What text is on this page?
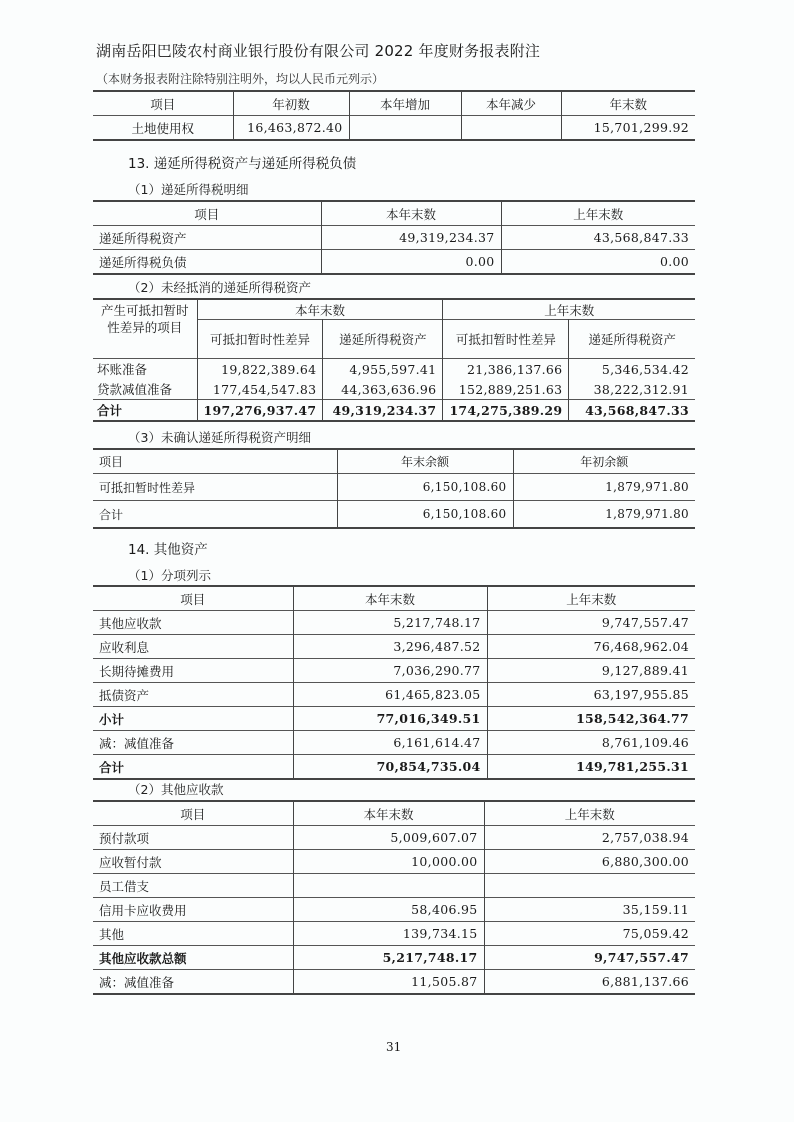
湖南岳阳巴陵农村商业银行股份有限公司 2022 年度财务报表附注
（本财务报表附注除特别注明外，均以人民币元列示）
项目	年初数	本年增加	本年减少	年末数
土地使用权	16,463,872.40			15,701,299.92
13. 递延所得税资产与递延所得税负债
（1）递延所得税明细
项目	本年末数	上年末数
递延所得税资产	49,319,234.37	43,568,847.33
递延所得税负债	0.00	0.00
（2）未经抵消的递延所得税资产
产生可抵扣暂时性差异的项目	本年末数		上年末数	
	可抵扣暂时性差异	递延所得税资产	可抵扣暂时性差异	递延所得税资产
坏账准备	19,822,389.64	4,955,597.41	21,386,137.66	5,346,534.42
贷款减值准备	177,454,547.83	44,363,636.96	152,889,251.63	38,222,312.91
合计	197,276,937.47	49,319,234.37	174,275,389.29	43,568,847.33
（3）未确认递延所得税资产明细
项目	年末余额	年初余额
可抵扣暂时性差异	6,150,108.60	1,879,971.80
合计	6,150,108.60	1,879,971.80
14. 其他资产
（1）分项列示
项目	本年末数	上年末数
其他应收款	5,217,748.17	9,747,557.47
应收利息	3,296,487.52	76,468,962.04
长期待摊费用	7,036,290.77	9,127,889.41
抵债资产	61,465,823.05	63,197,955.85
小计	77,016,349.51	158,542,364.77
减：减值准备	6,161,614.47	8,761,109.46
合计	70,854,735.04	149,781,255.31
（2）其他应收款
项目	本年末数	上年末数
预付款项	5,009,607.07	2,757,038.94
应收暂付款	10,000.00	6,880,300.00
员工借支		
信用卡应收费用	58,406.95	35,159.11
其他	139,734.15	75,059.42
其他应收款总额	5,217,748.17	9,747,557.47
减：减值准备	11,505.87	6,881,137.66
31
